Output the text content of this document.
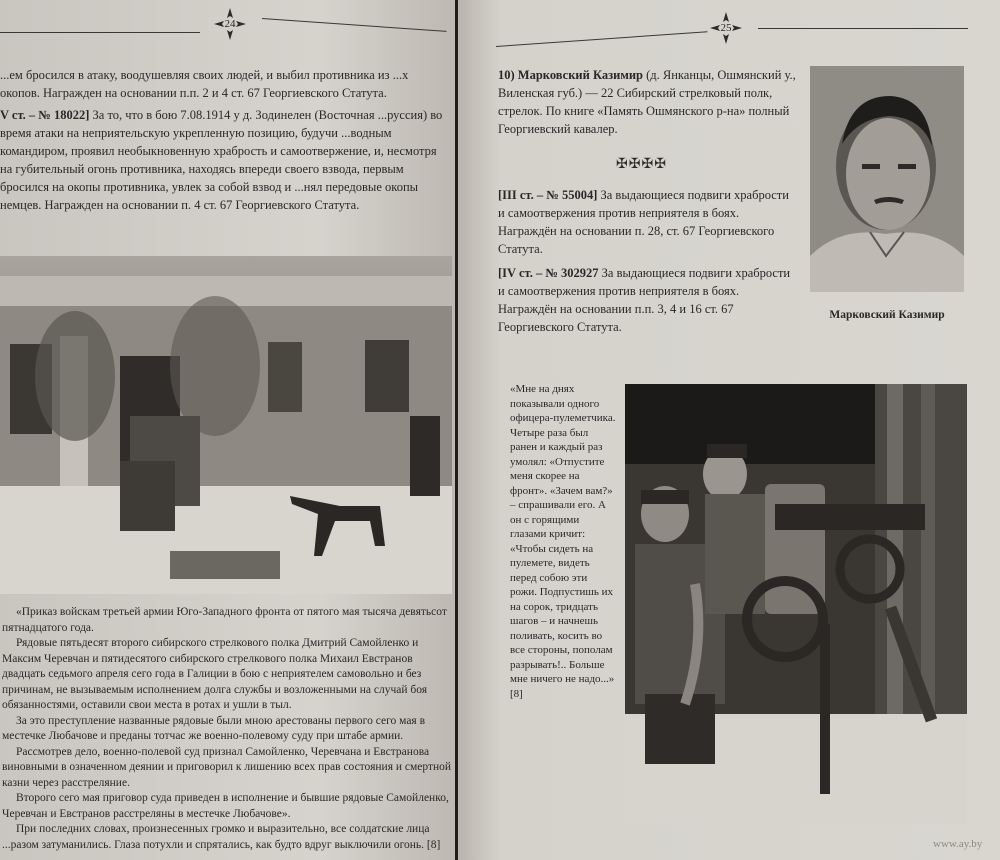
24

...ем бросился в атаку, воодушевляя своих людей, и выбил противника из ...х окопов. Награжден на основании п.п. 2 и 4 ст. 67 Георгиевского Статута.

V ст. – № 18022] За то, что в бою 7.08.1914 у д. Зодинелен (Восточная ...руссия) во время атаки на неприятельскую укрепленную позицию, будучи ...водным командиром, проявил необыкновенную храбрость и самоотвержение, и, несмотря на губительный огонь противника, находясь впереди своего взвода, первым бросился на окопы противника, увлек за собой взвод и ...нял передовые окопы немцев. Награжден на основании п. 4 ст. 67 Георгиевского Статута.

«Приказ войскам третьей армии Юго-Западного фронта от пятого мая тысяча девятьсот пятнадцатого года.

Рядовые пятьдесят второго сибирского стрелкового полка Дмитрий Самойленко и Максим Черевчан и пятидесятого сибирского стрелкового полка Михаил Евстранов двадцать седьмого апреля сего года в Галиции в бою с неприятелем самовольно и без причинам, не вызываемым исполнением долга службы и возложенными на случай боя обязанностями, оставили свои места в ротах и ушли в тыл.

За это преступление названные рядовые были мною арестованы первого сего мая в местечке Любачове и преданы тотчас же военно-полевому суду при штабе армии.

Рассмотрев дело, военно-полевой суд признал Самойленко, Черевчана и Евстранова виновными в означенном деянии и приговорил к лишению всех прав состояния и смертной казни через расстреляние.

Второго сего мая приговор суда приведен в исполнение и бывшие рядовые Самойленко, Черевчан и Евстранов расстреляны в местечке Любачове».

При последних словах, произнесенных громко и выразительно, все солдатские лица ...разом затуманились. Глаза потухли и спрятались, как будто вдруг выключили огонь. [8]

25

10) Марковский Казимир (д. Янканцы, Ошмянский у., Виленская губ.) — 22 Сибирский стрелковый полк, стрелок. По книге «Память Ошмянского р-на» полный Георгиевский кавалер.

✠✠✠✠

[III ст. – № 55004] За выдающиеся подвиги храбрости и самоотвержения против неприятеля в боях. Награждён на основании п. 28, ст. 67 Георгиевского Статута.

[IV ст. – № 302927 За выдающиеся подвиги храбрости и самоотвержения против неприятеля в боях. Награждён на основании п.п. 3, 4 и 16 ст. 67 Георгиевского Статута.

Марковский Казимир
«Мне на днях показывали одного офицера-пулеметчика. Четыре раза был ранен и каждый раз умолял: «Отпустите меня скорее на фронт». «Зачем вам?» – спрашивали его. А он с горящими глазами кричит: «Чтобы сидеть на пулемете, видеть перед собою эти рожи. Подпустишь их на сорок, тридцать шагов – и начнешь поливать, косить во все стороны, пополам разрывать!.. Больше мне ничего не надо...» [8]
www.ay.by
